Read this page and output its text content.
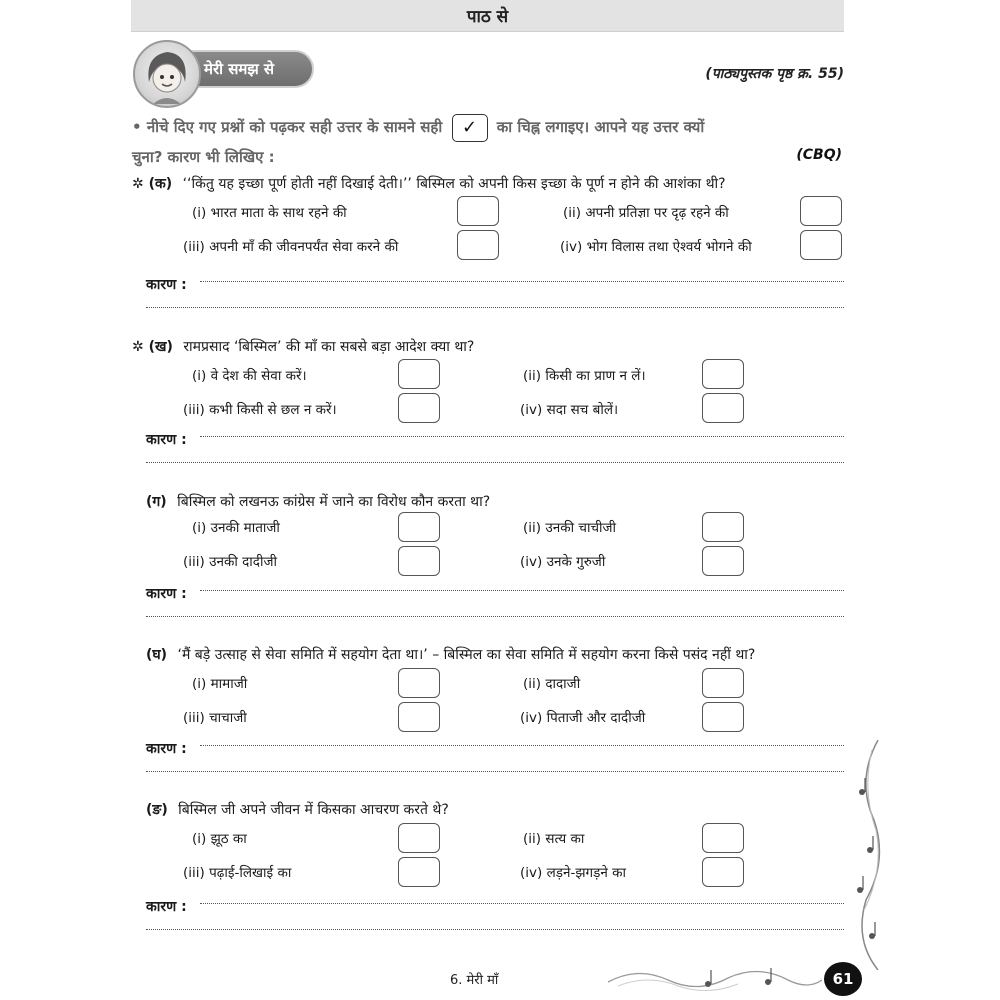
पाठ से
मेरी समझ से	(पाठ्यपुस्तक पृष्ठ क्र. 55)
• नीचे दिए गए प्रश्नों को पढ़कर सही उत्तर के सामने सही ✓ का चिह्न लगाइए। आपने यह उत्तर क्यों
चुना? कारण भी लिखिए :	(CBQ)
✲ (क) ‘‘किंतु यह इच्छा पूर्ण होती नहीं दिखाई देती।’’ बिस्मिल को अपनी किस इच्छा के पूर्ण न होने की आशंका थी?
(i) भारत माता के साथ रहने की	(ii) अपनी प्रतिज्ञा पर दृढ़ रहने की
(iii) अपनी माँ की जीवनपर्यंत सेवा करने की	(iv) भोग विलास तथा ऐश्वर्य भोगने की
कारण :
✲ (ख) रामप्रसाद ‘बिस्मिल’ की माँ का सबसे बड़ा आदेश क्या था?
(i) वे देश की सेवा करें।	(ii) किसी का प्राण न लें।
(iii) कभी किसी से छल न करें।	(iv) सदा सच बोलें।
कारण :
(ग) बिस्मिल को लखनऊ कांग्रेस में जाने का विरोध कौन करता था?
(i) उनकी माताजी	(ii) उनकी चाचीजी
(iii) उनकी दादीजी	(iv) उनके गुरुजी
कारण :
(घ) ‘मैं बड़े उत्साह से सेवा समिति में सहयोग देता था।’ – बिस्मिल का सेवा समिति में सहयोग करना किसे पसंद नहीं था?
(i) मामाजी	(ii) दादाजी
(iii) चाचाजी	(iv) पिताजी और दादीजी
कारण :
(ङ) बिस्मिल जी अपने जीवन में किसका आचरण करते थे?
(i) झूठ का	(ii) सत्य का
(iii) पढ़ाई-लिखाई का	(iv) लड़ने-झगड़ने का
कारण :
6. मेरी माँ	61
